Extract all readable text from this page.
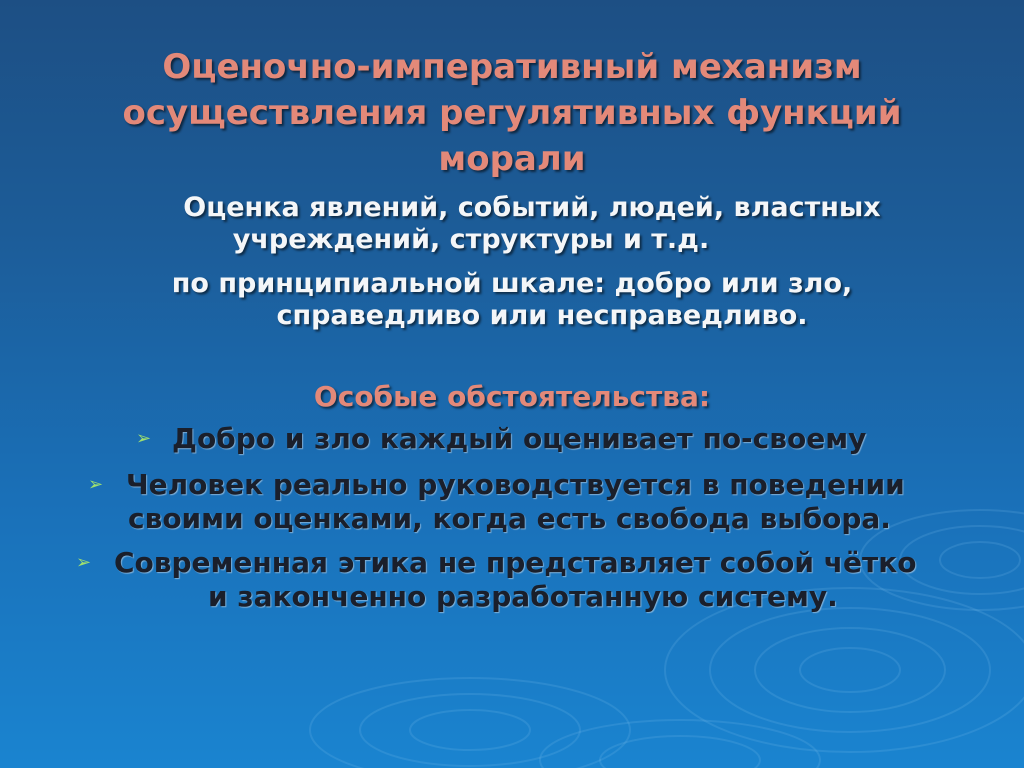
Оценочно-императивный механизм
осуществления регулятивных функций
морали
Оценка явлений, событий, людей, властных
учреждений, структуры и т.д.
по принципиальной шкале: добро или зло,
справедливо или несправедливо.
Особые обстоятельства:
➢ Добро и зло каждый оценивает по-своему
➢ Человек реально руководствуется в поведении
своими оценками, когда есть свобода выбора.
➢ Современная этика не представляет собой чётко
и законченно разработанную систему.
